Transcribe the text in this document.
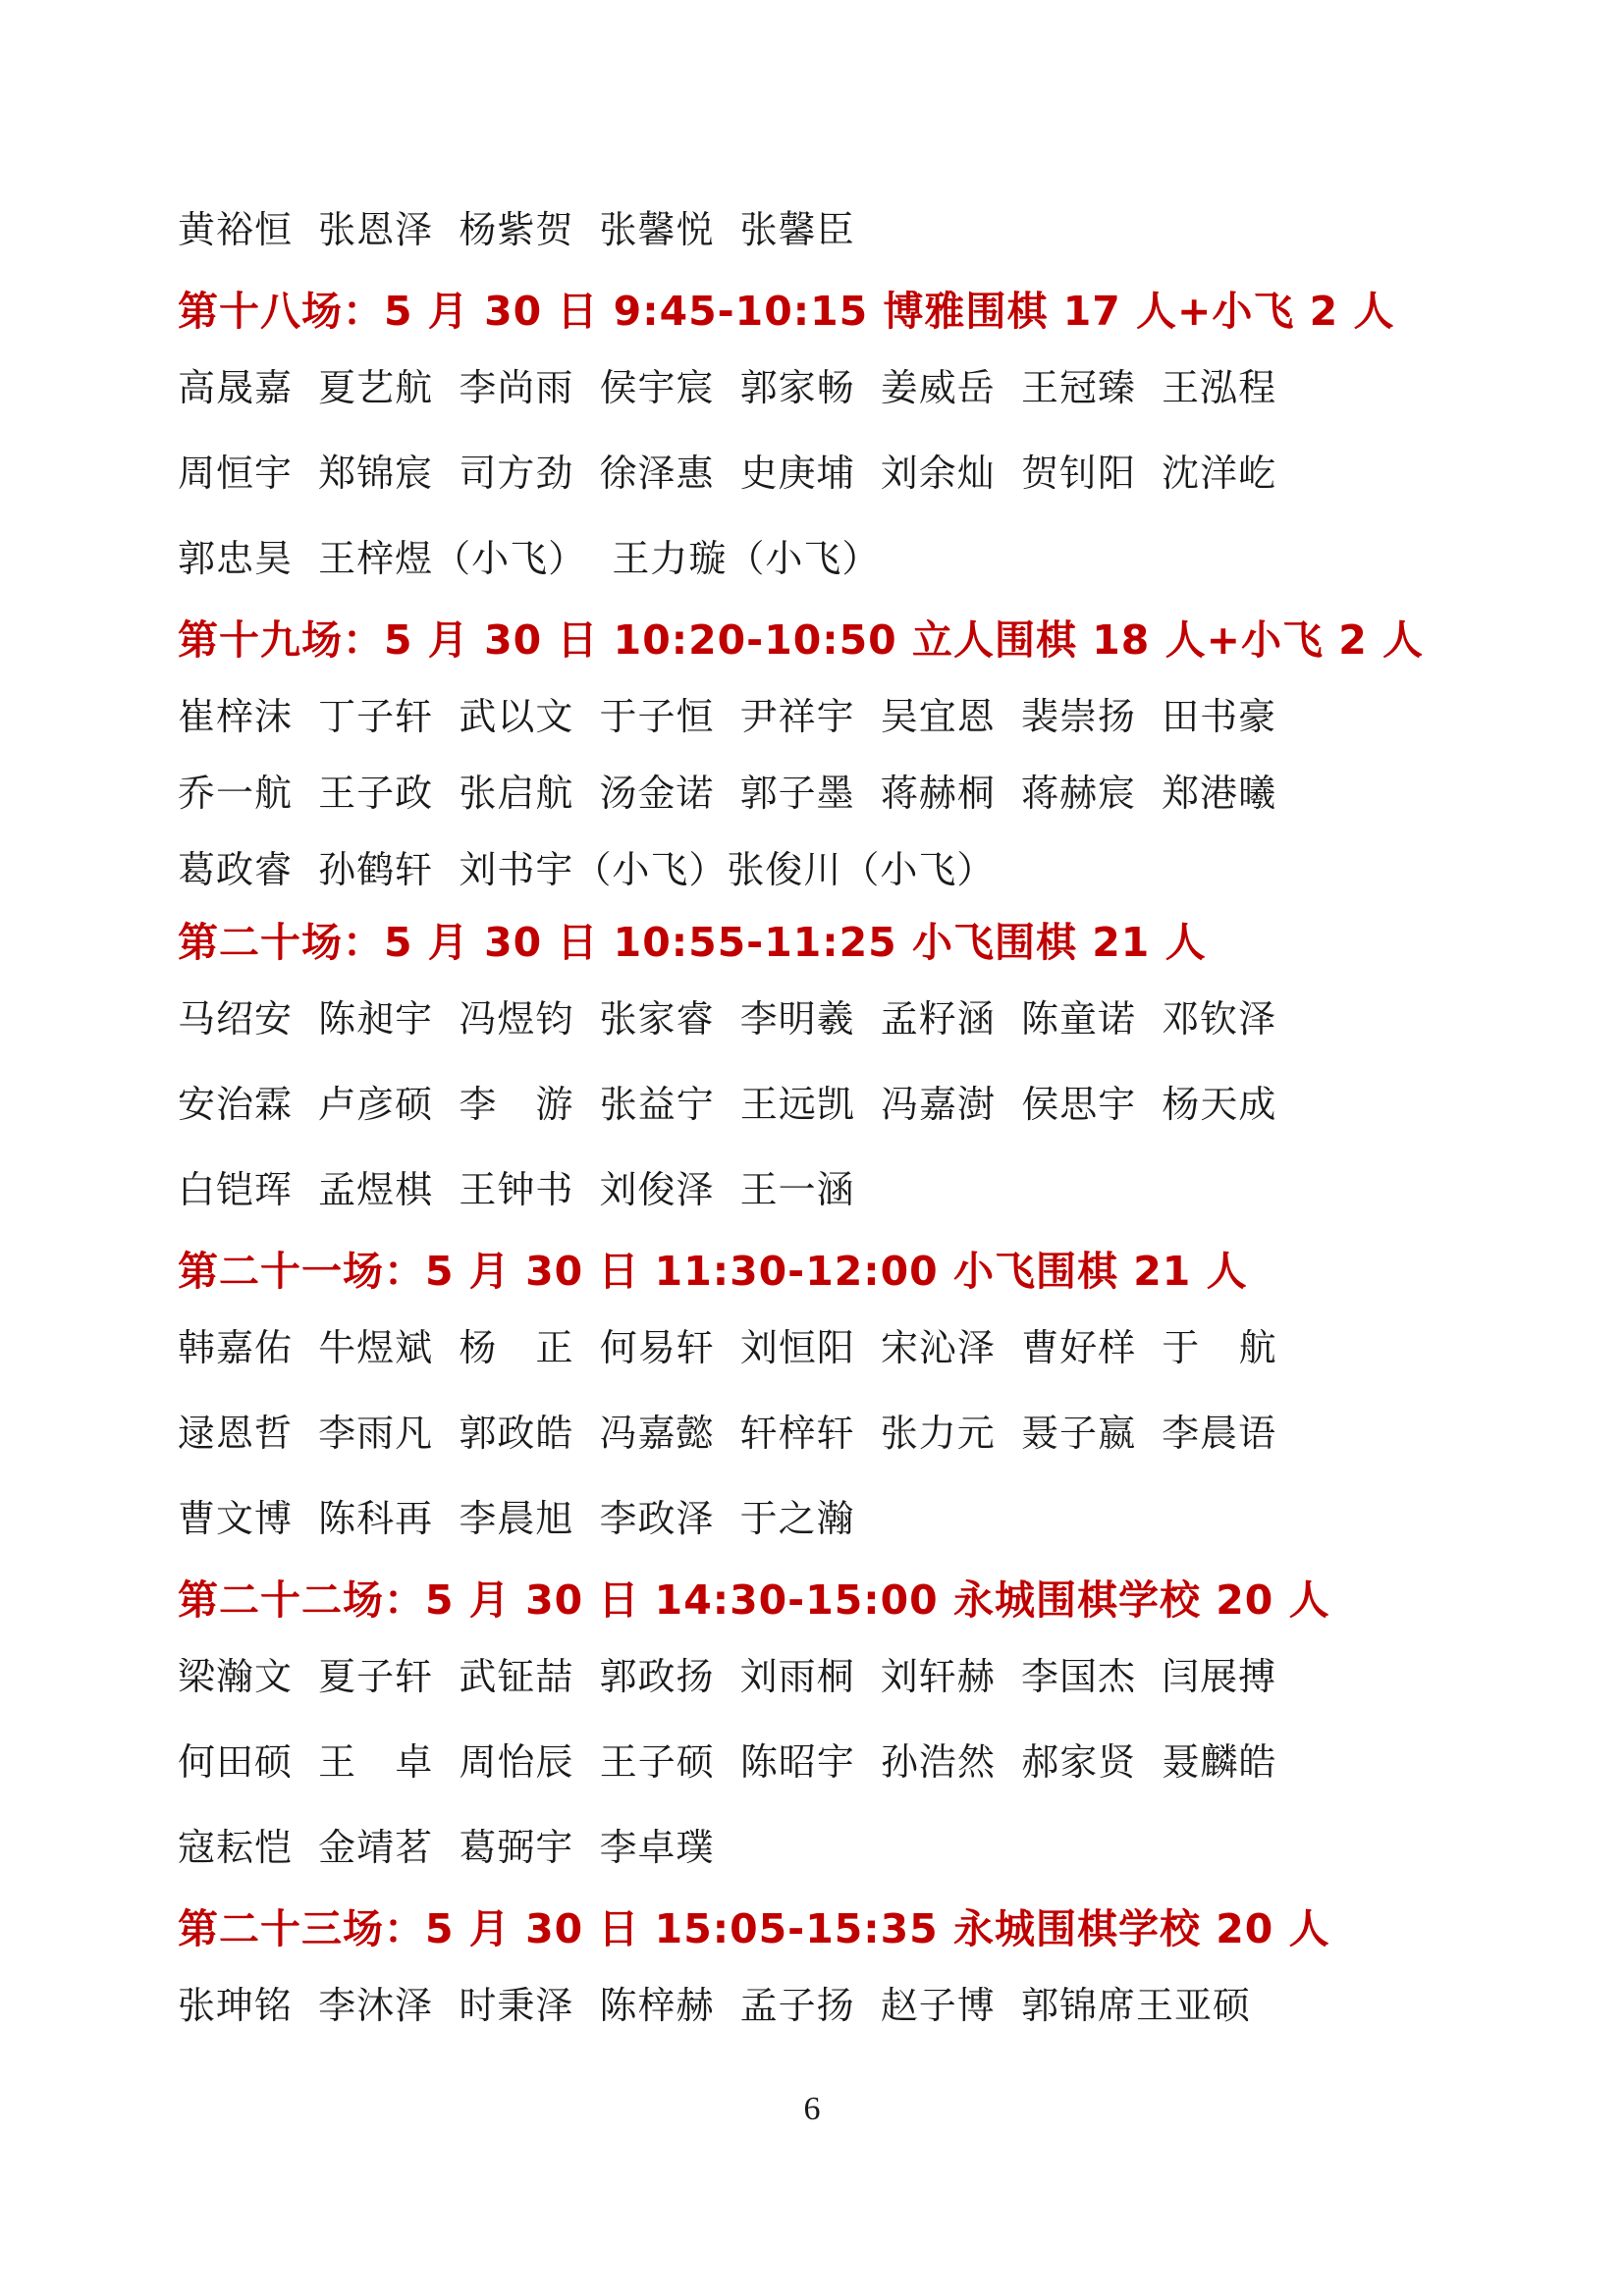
黄裕恒  张恩泽  杨紫贺  张馨悦  张馨臣
第十八场：5 月 30 日 9:45-10:15 博雅围棋 17 人+小飞 2 人
高晟嘉  夏艺航  李尚雨  侯宇宸  郭家畅  姜威岳  王冠臻  王泓程
周恒宇  郑锦宸  司方劲  徐泽惠  史庚埔  刘余灿  贺钊阳  沈洋屹
郭忠昊  王梓煜（小飞）  王力璇（小飞）
第十九场：5 月 30 日 10:20-10:50 立人围棋 18 人+小飞 2 人
崔梓沫  丁子轩  武以文  于子恒  尹祥宇  吴宜恩  裴崇扬  田书豪
乔一航  王子政  张启航  汤金诺  郭子墨  蒋赫桐  蒋赫宸  郑港曦
葛政睿  孙鹤轩  刘书宇（小飞）张俊川（小飞）
第二十场：5 月 30 日 10:55-11:25 小飞围棋 21 人
马绍安  陈昶宇  冯煜钧  张家睿  李明羲  孟籽涵  陈童诺  邓钦泽
安治霖  卢彦硕  李   游  张益宁  王远凯  冯嘉澍  侯思宇  杨天成
白铠珲  孟煜棋  王钟书  刘俊泽  王一涵
第二十一场：5 月 30 日 11:30-12:00 小飞围棋 21 人
韩嘉佑  牛煜斌  杨   正  何易轩  刘恒阳  宋沁泽  曹好样  于   航
逯恩哲  李雨凡  郭政皓  冯嘉懿  轩梓轩  张力元  聂子嬴  李晨语
曹文博  陈科再  李晨旭  李政泽  于之瀚
第二十二场：5 月 30 日 14:30-15:00 永城围棋学校 20 人
梁瀚文  夏子轩  武钲喆  郭政扬  刘雨桐  刘轩赫  李国杰  闫展搏
何田硕  王   卓  周怡辰  王子硕  陈昭宇  孙浩然  郝家贤  聂麟皓
寇耘恺  金靖茗  葛弼宇  李卓璞
第二十三场：5 月 30 日 15:05-15:35 永城围棋学校 20 人
张珅铭  李沐泽  时秉泽  陈梓赫  孟子扬  赵子博  郭锦席王亚硕
6
